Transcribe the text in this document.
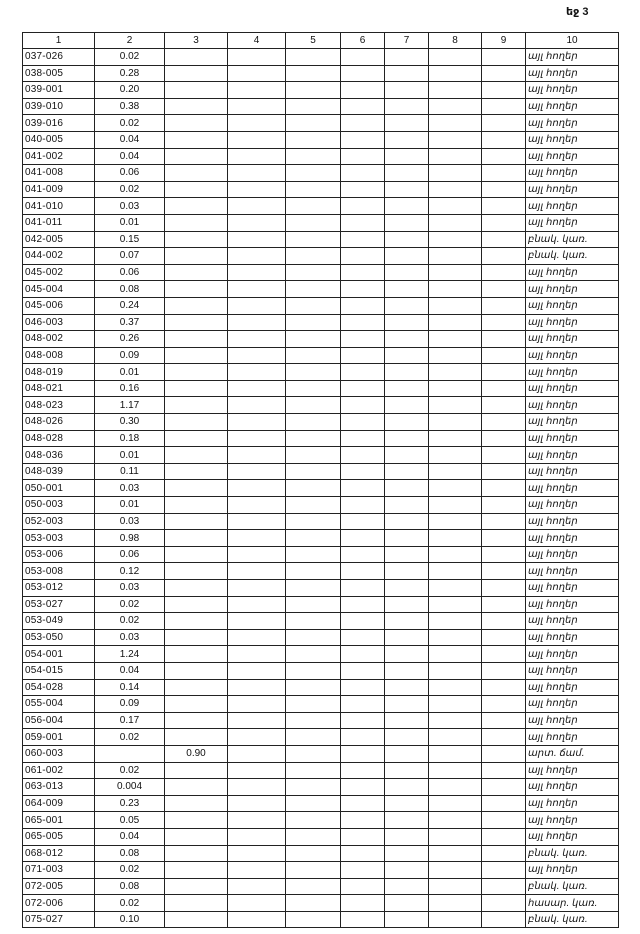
եջ 3
1	2	3	4	5	6	7	8	9	10
037-026	0.02								այլ հողեր
038-005	0.28								այլ հողեր
039-001	0.20								այլ հողեր
039-010	0.38								այլ հողեր
039-016	0.02								այլ հողեր
040-005	0.04								այլ հողեր
041-002	0.04								այլ հողեր
041-008	0.06								այլ հողեր
041-009	0.02								այլ հողեր
041-010	0.03								այլ հողեր
041-011	0.01								այլ հողեր
042-005	0.15								բնակ. կառ.
044-002	0.07								բնակ. կառ.
045-002	0.06								այլ հողեր
045-004	0.08								այլ հողեր
045-006	0.24								այլ հողեր
046-003	0.37								այլ հողեր
048-002	0.26								այլ հողեր
048-008	0.09								այլ հողեր
048-019	0.01								այլ հողեր
048-021	0.16								այլ հողեր
048-023	1.17								այլ հողեր
048-026	0.30								այլ հողեր
048-028	0.18								այլ հողեր
048-036	0.01								այլ հողեր
048-039	0.11								այլ հողեր
050-001	0.03								այլ հողեր
050-003	0.01								այլ հողեր
052-003	0.03								այլ հողեր
053-003	0.98								այլ հողեր
053-006	0.06								այլ հողեր
053-008	0.12								այլ հողեր
053-012	0.03								այլ հողեր
053-027	0.02								այլ հողեր
053-049	0.02								այլ հողեր
053-050	0.03								այլ հողեր
054-001	1.24								այլ հողեր
054-015	0.04								այլ հողեր
054-028	0.14								այլ հողեր
055-004	0.09								այլ հողեր
056-004	0.17								այլ հողեր
059-001	0.02								այլ հողեր
060-003		0.90							արտ. ճամ.
061-002	0.02								այլ հողեր
063-013	0.004								այլ հողեր
064-009	0.23								այլ հողեր
065-001	0.05								այլ հողեր
065-005	0.04								այլ հողեր
068-012	0.08								բնակ. կառ.
071-003	0.02								այլ հողեր
072-005	0.08								բնակ. կառ.
072-006	0.02								հասար. կառ.
075-027	0.10								բնակ. կառ.
